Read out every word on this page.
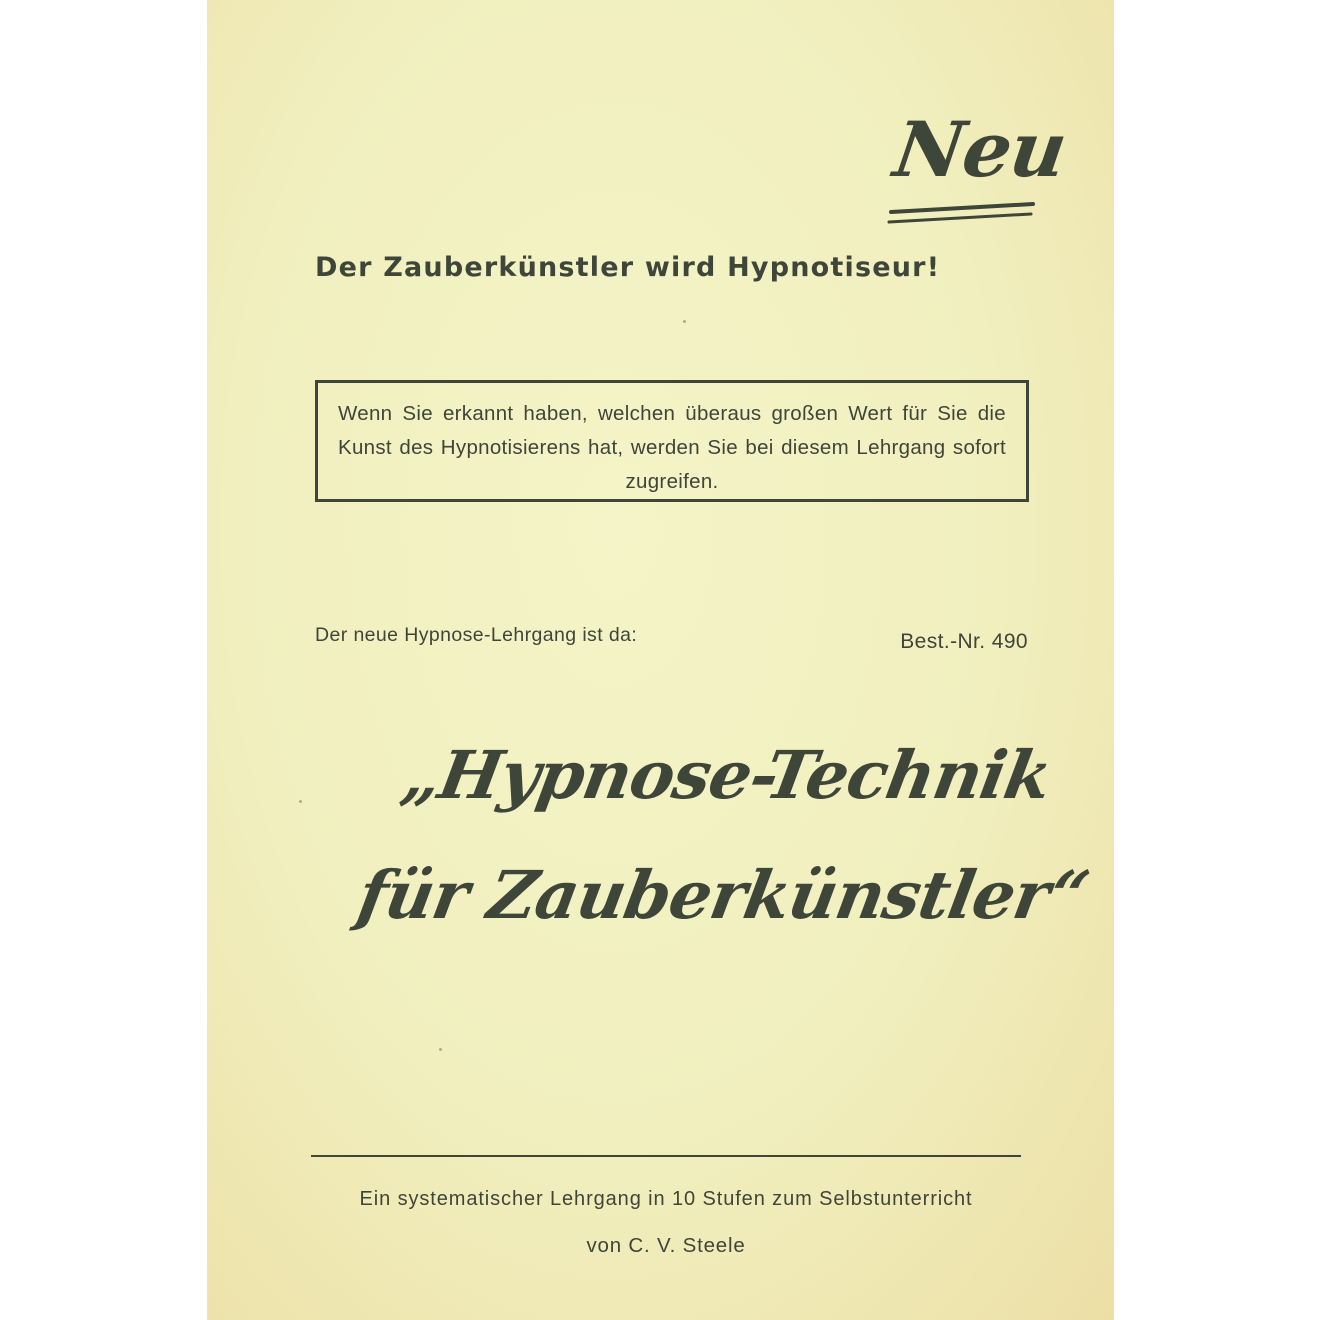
Neu
Der Zauberkünstler wird Hypnotiseur!
Wenn Sie erkannt haben, welchen überaus großen Wert für Sie die Kunst des Hypnotisierens hat, werden Sie bei diesem Lehrgang sofort zugreifen.
Der neue Hypnose-Lehrgang ist da:	Best.-Nr. 490
„Hypnose-Technik
für Zauberkünstler“
Ein systematischer Lehrgang in 10 Stufen zum Selbstunterricht
von C. V. Steele
